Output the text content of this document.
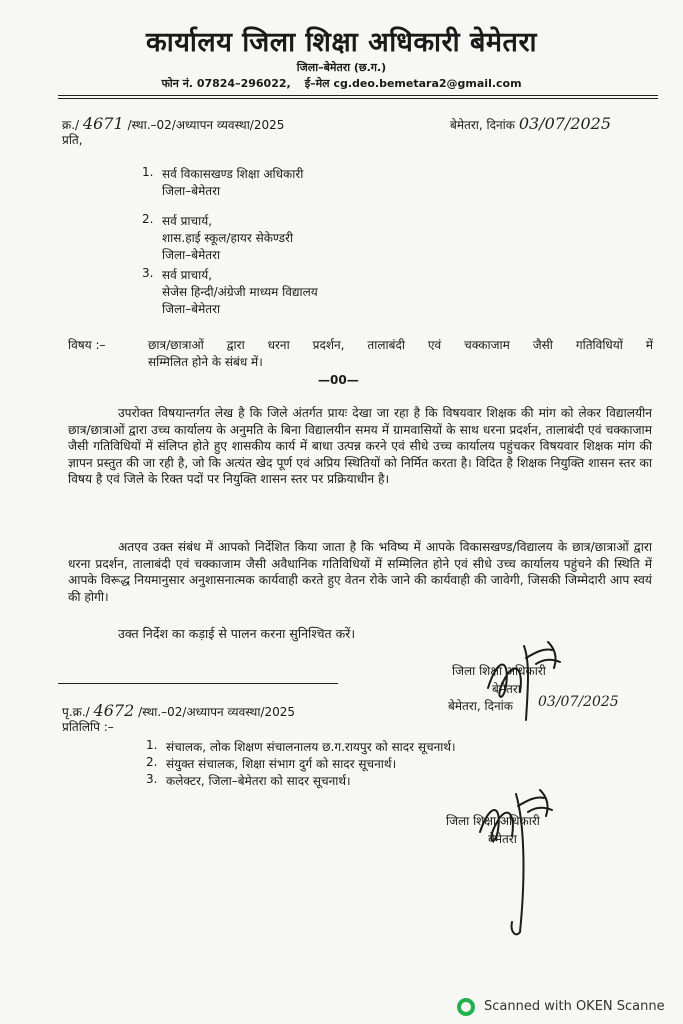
कार्यालय जिला शिक्षा अधिकारी बेमेतरा
जिला–बेमेतरा (छ.ग.)
फोन नं. 07824–296022, ई–मेल cg.deo.bemetara2@gmail.com
क्र./ 4671 /स्था.–02/अध्यापन व्यवस्था/2025	बेमेतरा, दिनांक 03/07/2025
प्रति,
1. सर्व विकासखण्ड शिक्षा अधिकारी
जिला–बेमेतरा
2. सर्व प्राचार्य,
शास.हाई स्कूल/हायर सेकेण्डरी
जिला–बेमेतरा
3. सर्व प्राचार्य,
सेजेस हिन्दी/अंग्रेजी माध्यम विद्यालय
जिला–बेमेतरा
विषय :–	छात्र/छात्राओं द्वारा धरना प्रदर्शन, तालाबंदी एवं चक्काजाम जैसी गतिविधियों में
सम्मिलित होने के संबंध में।
—00—
उपरोक्त विषयान्तर्गत लेख है कि जिले अंतर्गत प्रायः देखा जा रहा है कि विषयवार शिक्षक की मांग को लेकर विद्यालयीन छात्र/छात्राओं द्वारा उच्च कार्यालय के अनुमति के बिना विद्यालयीन समय में ग्रामवासियों के साथ धरना प्रदर्शन, तालाबंदी एवं चक्काजाम जैसी गतिविधियों में संलिप्त होते हुए शासकीय कार्य में बाधा उत्पन्न करने एवं सीधे उच्च कार्यालय पहुंचकर विषयवार शिक्षक मांग की ज्ञापन प्रस्तुत की जा रही है, जो कि अत्यंत खेद पूर्ण एवं अप्रिय स्थितियों को निर्मित करता है। विदित है शिक्षक नियुक्ति शासन स्तर का विषय है एवं जिले के रिक्त पदों पर नियुक्ति शासन स्तर पर प्रक्रियाधीन है।
अतएव उक्त संबंध में आपको निर्देशित किया जाता है कि भविष्य में आपके विकासखण्ड/विद्यालय के छात्र/छात्राओं द्वारा धरना प्रदर्शन, तालाबंदी एवं चक्काजाम जैसी अवैधानिक गतिविधियों में सम्मिलित होने एवं सीधे उच्च कार्यालय पहुंचने की स्थिति में आपके विरूद्ध नियमानुसार अनुशासनात्मक कार्यवाही करते हुए वेतन रोके जाने की कार्यवाही की जावेगी, जिसकी जिम्मेदारी आप स्वयं की होगी।
उक्त निर्देश का कड़ाई से पालन करना सुनिश्चित करें।
जिला शिक्षा अधिकारी
बेमेतरा
बेमेतरा, दिनांक 03/07/2025
पृ.क्र./ 4672 /स्था.–02/अध्यापन व्यवस्था/2025
प्रतिलिपि :–
1. संचालक, लोक शिक्षण संचालनालय छ.ग.रायपुर को सादर सूचनार्थ।
2. संयुक्त संचालक, शिक्षा संभाग दुर्ग को सादर सूचनार्थ।
3. कलेक्टर, जिला–बेमेतरा को सादर सूचनार्थ।
जिला शिक्षा अधिकारी
बेमेतरा
Scanned with OKEN Scanne
